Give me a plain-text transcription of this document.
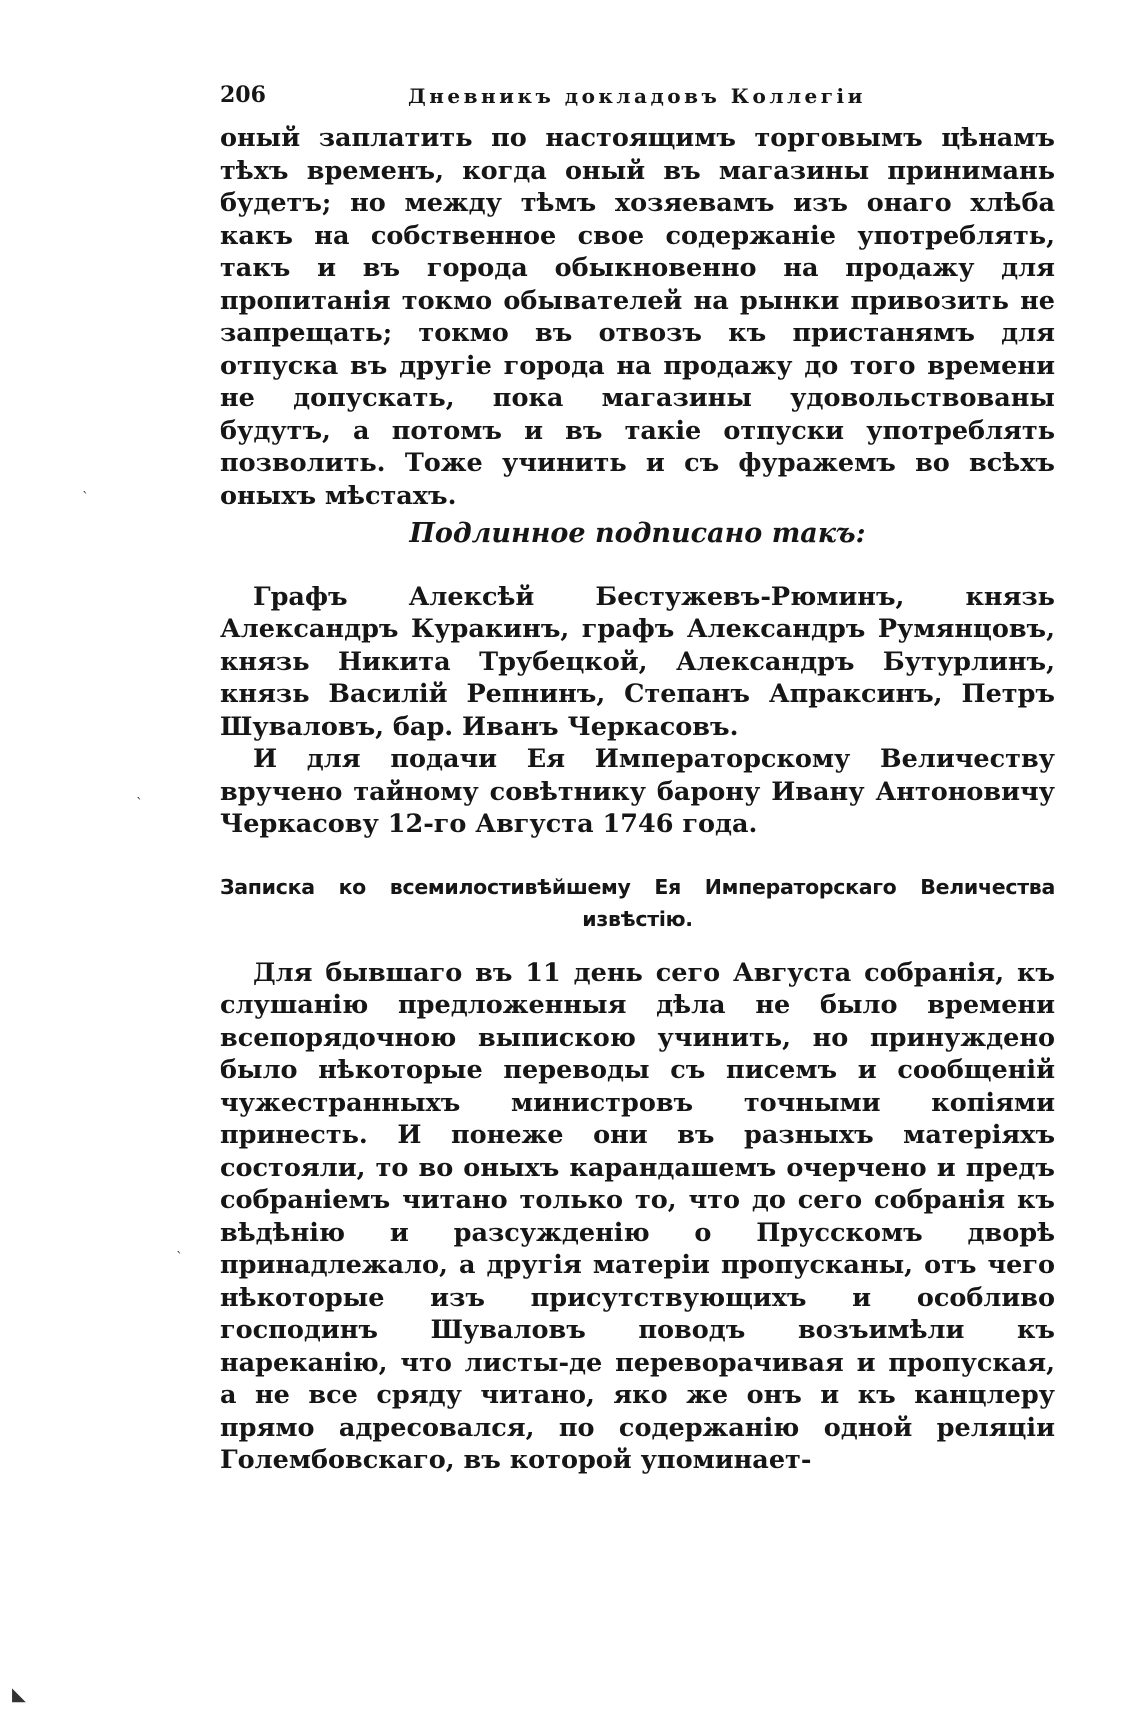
206	Дневникъ докладовъ Коллегіи

оный заплатить по настоящимъ торговымъ цѣнамъ тѣхъ временъ, когда оный въ магазины принимань будетъ; но между тѣмъ хозяевамъ изъ онаго хлѣба какъ на собственное свое содержаніе употреблять, такъ и въ города обыкновенно на продажу для пропитанія токмо обывателей на рынки привозить не запрещать; токмо въ отвозъ къ пристанямъ для отпуска въ другіе города на продажу до того времени не допускать, пока магазины удовольствованы будутъ, а потомъ и въ такіе отпуски употреблять позволить. Тоже учинить и съ фуражемъ во всѣхъ оныхъ мѣстахъ.

Подлинное подписано такъ:

Графъ Алексѣй Бестужевъ-Рюминъ, князь Александръ Куракинъ, графъ Александръ Румянцовъ, князь Никита Трубецкой, Александръ Бутурлинъ, князь Василій Репнинъ, Степанъ Апраксинъ, Петръ Шуваловъ, бар. Иванъ Черкасовъ.

И для подачи Ея Императорскому Величеству вручено тайному совѣтнику барону Ивану Антоновичу Черкасову 12-го Августа 1746 года.

Записка ко всемилостивѣйшему Ея Императорскаго Величества извѣстію.

Для бывшаго въ 11 день сего Августа собранія, къ слушанію предложенныя дѣла не было времени всепорядочною выпискою учинить, но принуждено было нѣкоторые переводы съ писемъ и сообщеній чужестранныхъ министровъ точными копіями принесть. И понеже они въ разныхъ матеріяхъ состояли, то во оныхъ карандашемъ очерчено и предъ собраніемъ читано только то, что до сего собранія къ вѣдѣнію и разсужденію о Прусскомъ дворѣ принадлежало, а другія матеріи пропусканы, отъ чего нѣкоторые изъ присутствующихъ и особливо господинъ Шуваловъ поводъ возъимѣли къ нареканію, что листы-де переворачивая и пропуская, а не все сряду читано, яко же онъ и къ канцлеру прямо адресовался, по содержанію одной реляціи Голембовскаго, въ которой упоминает-

ˋ
ˋ
ˋ
◣
